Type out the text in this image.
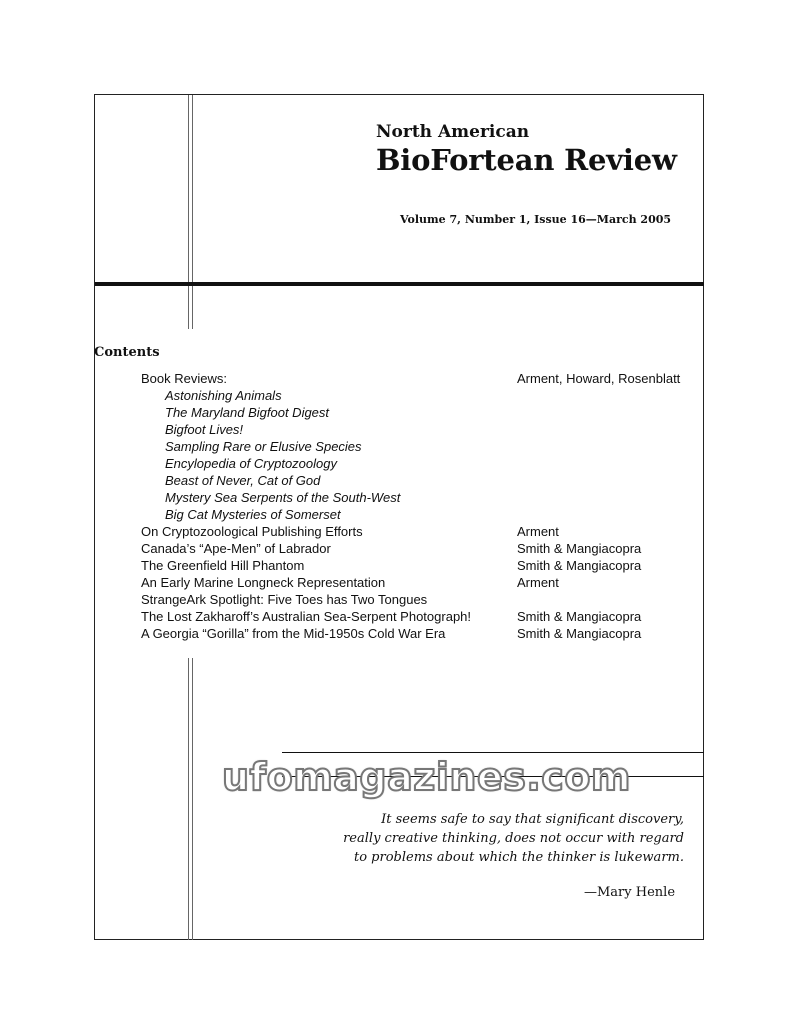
North American
BioFortean Review
Volume 7, Number 1, Issue 16—March 2005
Contents
Book Reviews:	Arment, Howard, Rosenblatt
Astonishing Animals
The Maryland Bigfoot Digest
Bigfoot Lives!
Sampling Rare or Elusive Species
Encylopedia of Cryptozoology
Beast of Never, Cat of God
Mystery Sea Serpents of the South-West
Big Cat Mysteries of Somerset
On Cryptozoological Publishing Efforts	Arment
Canada’s “Ape-Men” of Labrador	Smith & Mangiacopra
The Greenfield Hill Phantom	Smith & Mangiacopra
An Early Marine Longneck Representation	Arment
StrangeArk Spotlight: Five Toes has Two Tongues
The Lost Zakharoff’s Australian Sea-Serpent Photograph!	Smith & Mangiacopra
A Georgia “Gorilla” from the Mid-1950s Cold War Era	Smith & Mangiacopra
ufomagazines.com
It seems safe to say that significant discovery,
really creative thinking, does not occur with regard
to problems about which the thinker is lukewarm.
—Mary Henle
